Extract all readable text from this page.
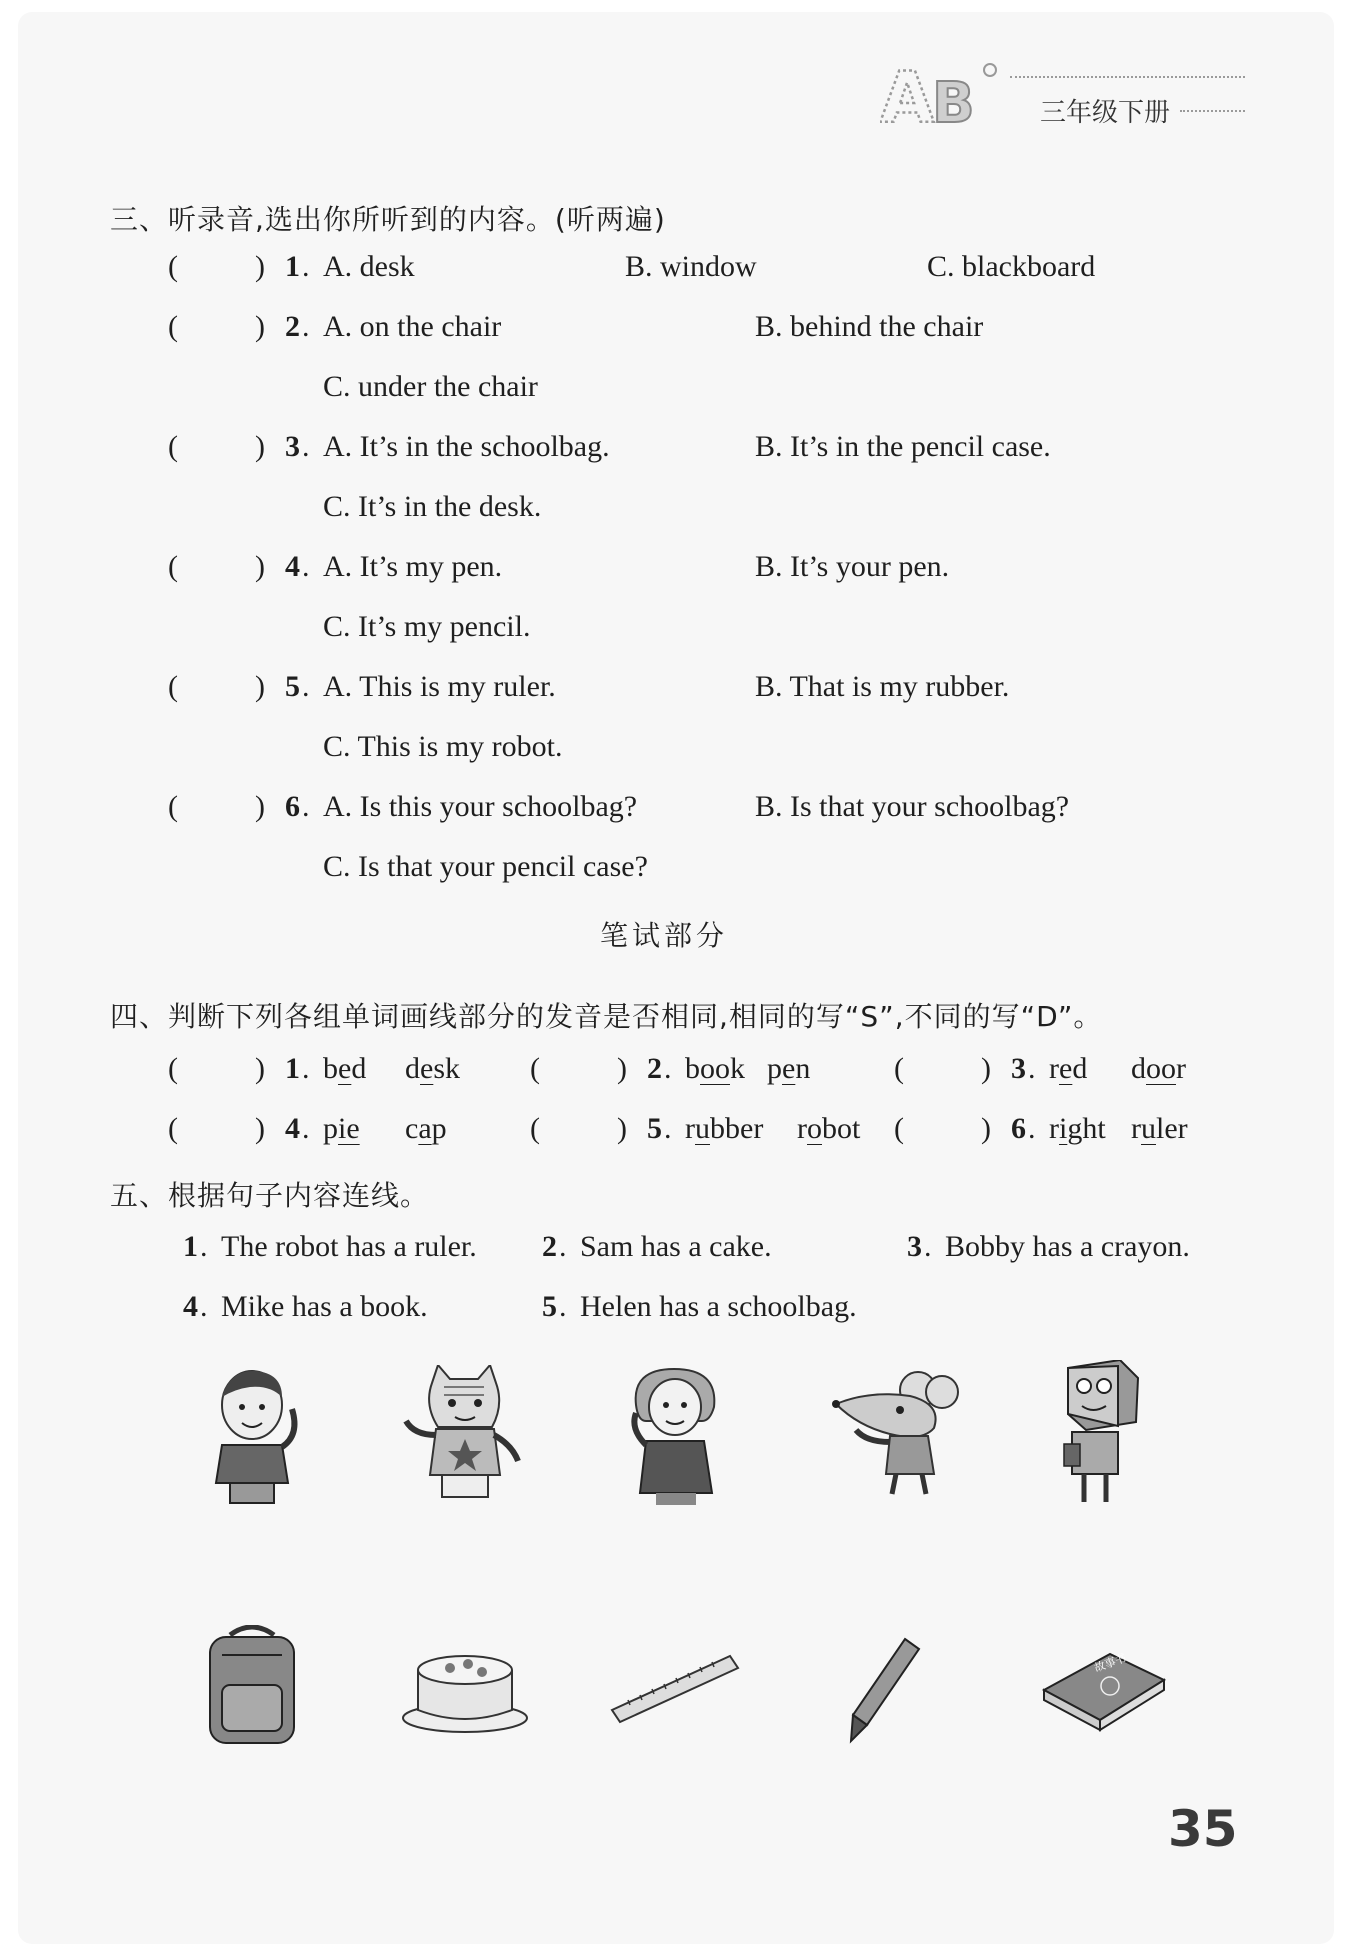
A
B	三年级下册
三、听录音,选出你所听到的内容。(听两遍)
(	) 1 . A. desk	B. window	C. blackboard
(	) 2 . A. on the chair	B. behind the chair
C. under the chair
(	) 3 . A. It’s in the schoolbag.	B. It’s in the pencil case.
C. It’s in the desk.
(	) 4 . A. It’s my pen.	B. It’s your pen.
C. It’s my pencil.
(	) 5 . A. This is my ruler.	B. That is my rubber.
C. This is my robot.
(	) 6 . A. Is this your schoolbag?	B. Is that your schoolbag?
C. Is that your pencil case?
笔试部分
四、判断下列各组单词画线部分的发音是否相同,相同的写“S”,不同的写“D”。
(	) 1 . bed desk (	) 2 . book pen	(	) 3 . red door
(	) 4 . pie cap	(	) 5 . rubber robot (	) 6 . right ruler
五、根据句子内容连线。
1 . The robot has a ruler. 2 . Sam has a cake.	3 . Bobby has a crayon.
4 . Mike has a book.	5 . Helen has a schoolbag.
故事书
35
